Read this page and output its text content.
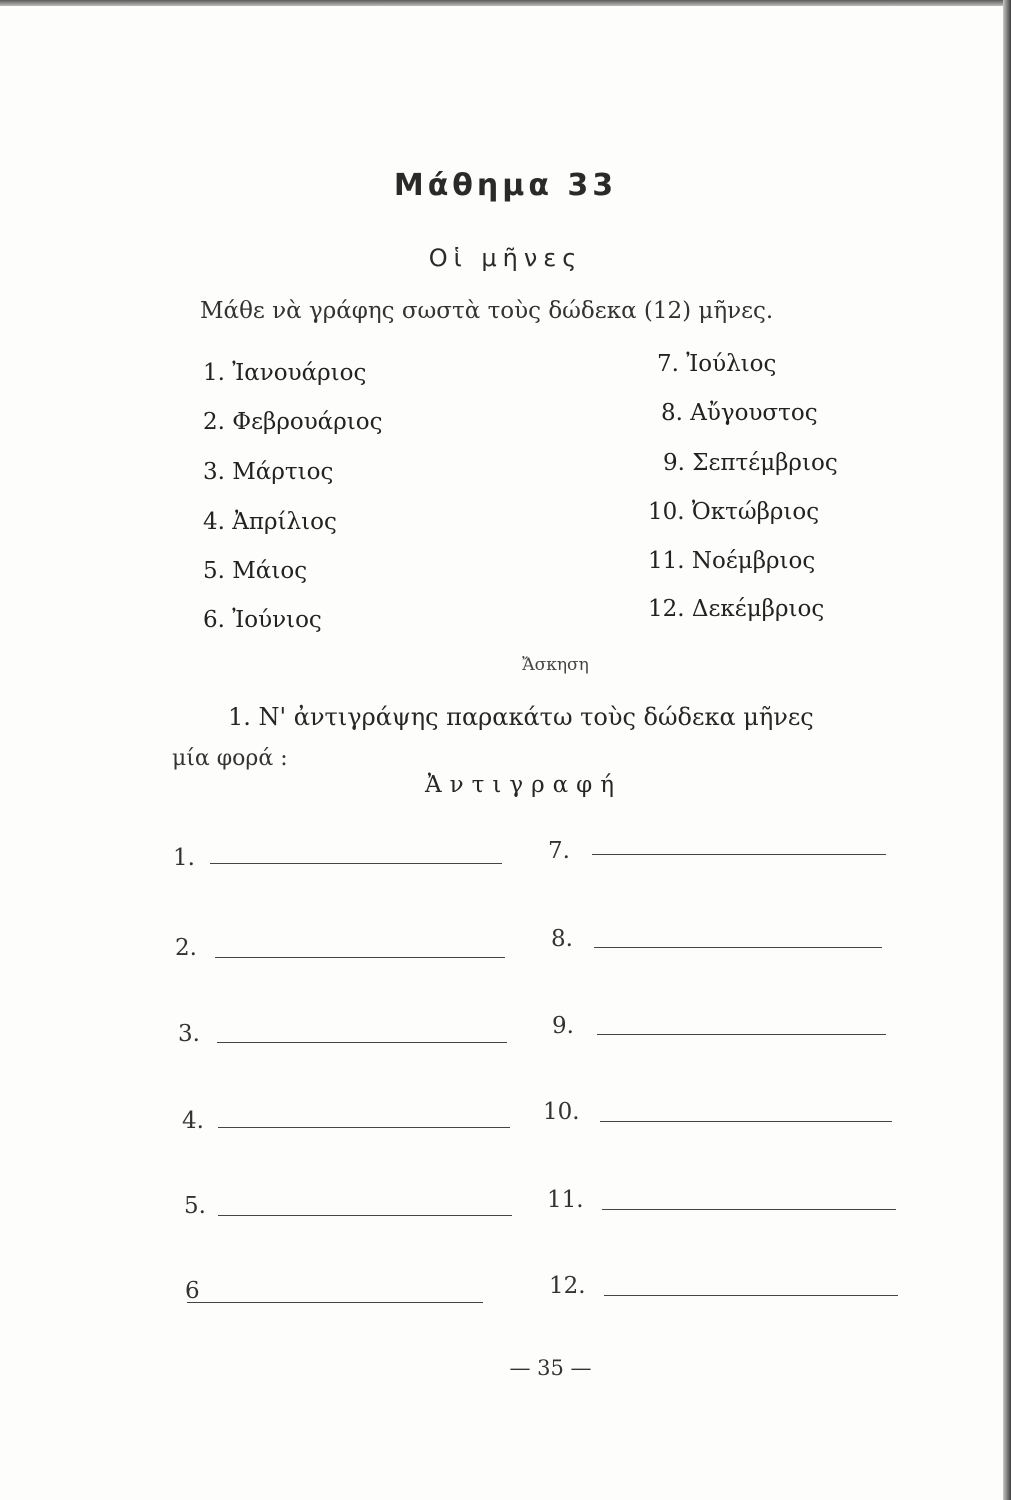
Μάθημα 33
Οἱ μῆνες
Μάθε νὰ γράφης σωστὰ τοὺς δώδεκα (12) μῆνες.
1. Ἰανουάριος
2. Φεβρουάριος
3. Μάρτιος
4. Ἀπρίλιος
5. Μάιος
6. Ἰούνιος
7. Ἰούλιος
8. Αὔγουστος
9. Σεπτέμβριος
10. Ὀκτώβριος
11. Νοέμβριος
12. Δεκέμβριος
Ἄσκηση
1. Ν' ἀντιγράψης παρακάτω τοὺς δώδεκα μῆνες
μία φορά :
Ἀντιγραφή
1.
2.
3.
4.
5.
6
7.
8.
9.
10.
11.
12.
— 35 —
